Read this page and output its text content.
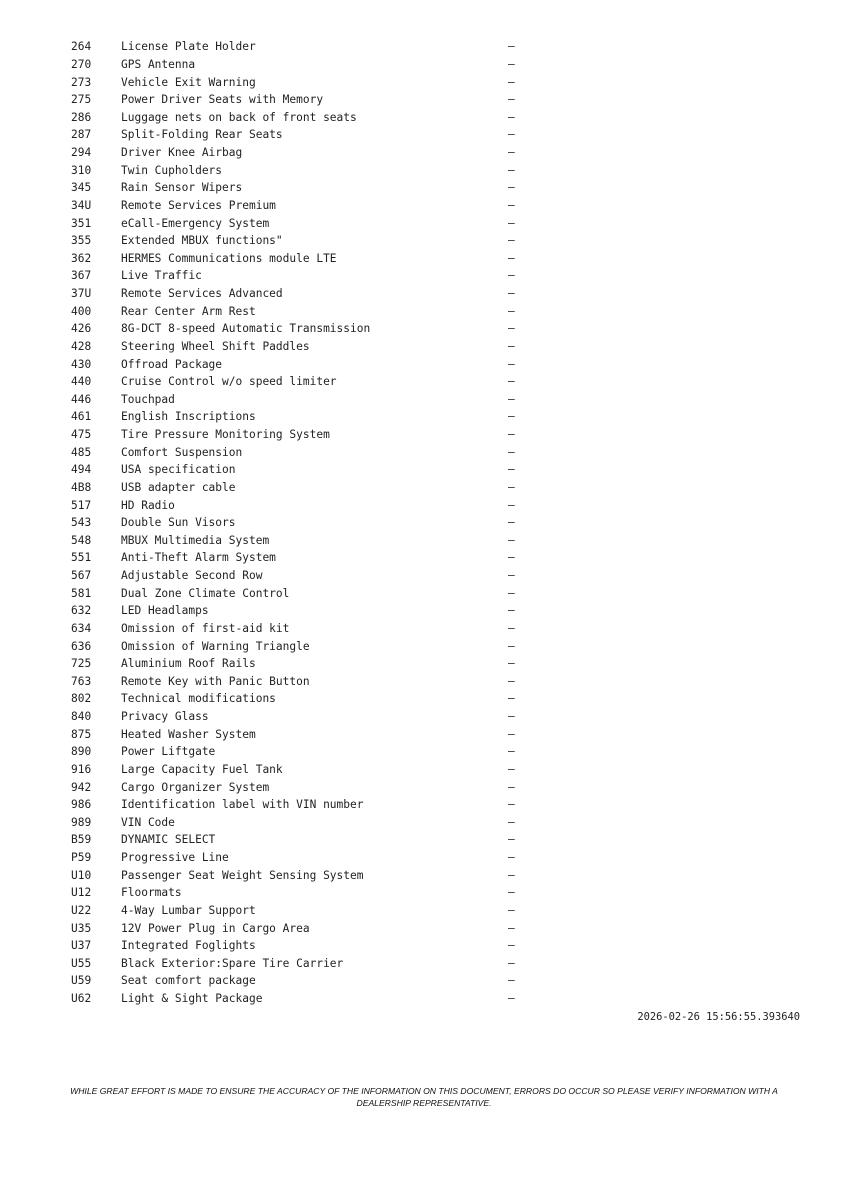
264	License Plate Holder	—
270	GPS Antenna	—
273	Vehicle Exit Warning	—
275	Power Driver Seats with Memory	—
286	Luggage nets on back of front seats	—
287	Split-Folding Rear Seats	—
294	Driver Knee Airbag	—
310	Twin Cupholders	—
345	Rain Sensor Wipers	—
34U	Remote Services Premium	—
351	eCall-Emergency System	—
355	Extended MBUX functions"	—
362	HERMES Communications module LTE	—
367	Live Traffic	—
37U	Remote Services Advanced	—
400	Rear Center Arm Rest	—
426	8G-DCT 8-speed Automatic Transmission	—
428	Steering Wheel Shift Paddles	—
430	Offroad Package	—
440	Cruise Control w/o speed limiter	—
446	Touchpad	—
461	English Inscriptions	—
475	Tire Pressure Monitoring System	—
485	Comfort Suspension	—
494	USA specification	—
4B8	USB adapter cable	—
517	HD Radio	—
543	Double Sun Visors	—
548	MBUX Multimedia System	—
551	Anti-Theft Alarm System	—
567	Adjustable Second Row	—
581	Dual Zone Climate Control	—
632	LED Headlamps	—
634	Omission of first-aid kit	—
636	Omission of Warning Triangle	—
725	Aluminium Roof Rails	—
763	Remote Key with Panic Button	—
802	Technical modifications	—
840	Privacy Glass	—
875	Heated Washer System	—
890	Power Liftgate	—
916	Large Capacity Fuel Tank	—
942	Cargo Organizer System	—
986	Identification label with VIN number	—
989	VIN Code	—
B59	DYNAMIC SELECT	—
P59	Progressive Line	—
U10	Passenger Seat Weight Sensing System	—
U12	Floormats	—
U22	4-Way Lumbar Support	—
U35	12V Power Plug in Cargo Area	—
U37	Integrated Foglights	—
U55	Black Exterior:Spare Tire Carrier	—
U59	Seat comfort package	—
U62	Light & Sight Package	—
2026-02-26 15:56:55.393640
WHILE GREAT EFFORT IS MADE TO ENSURE THE ACCURACY OF THE INFORMATION ON THIS DOCUMENT, ERRORS DO OCCUR SO PLEASE VERIFY INFORMATION WITH A DEALERSHIP REPRESENTATIVE.
